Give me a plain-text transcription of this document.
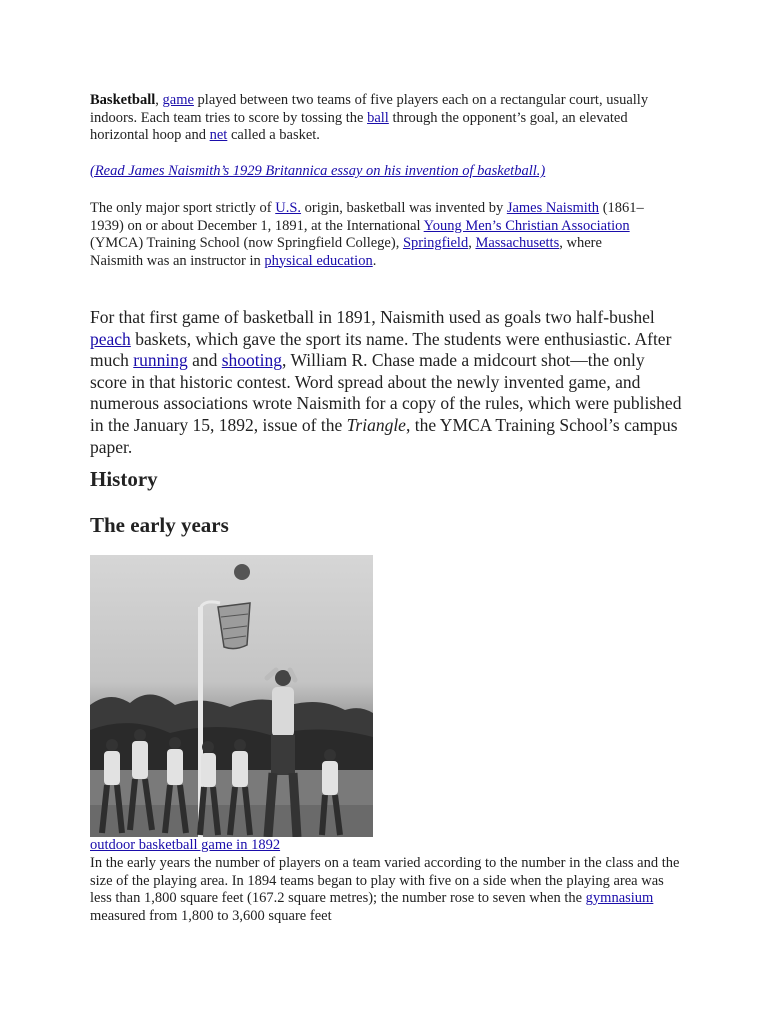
Basketball, game played between two teams of five players each on a rectangular court, usually indoors. Each team tries to score by tossing the ball through the opponent’s goal, an elevated horizontal hoop and net called a basket.

(Read James Naismith’s 1929 Britannica essay on his invention of basketball.)

The only major sport strictly of U.S. origin, basketball was invented by James Naismith (1861–1939) on or about December 1, 1891, at the International Young Men’s Christian Association (YMCA) Training School (now Springfield College), Springfield, Massachusetts, where Naismith was an instructor in physical education.

For that first game of basketball in 1891, Naismith used as goals two half-bushel peach baskets, which gave the sport its name. The students were enthusiastic. After much running and shooting, William R. Chase made a midcourt shot—the only score in that historic contest. Word spread about the newly invented game, and numerous associations wrote Naismith for a copy of the rules, which were published in the January 15, 1892, issue of the Triangle, the YMCA Training School’s campus paper.

History
The early years

outdoor basketball game in 1892

In the early years the number of players on a team varied according to the number in the class and the size of the playing area. In 1894 teams began to play with five on a side when the playing area was less than 1,800 square feet (167.2 square metres); the number rose to seven when the gymnasium measured from 1,800 to 3,600 square feet
